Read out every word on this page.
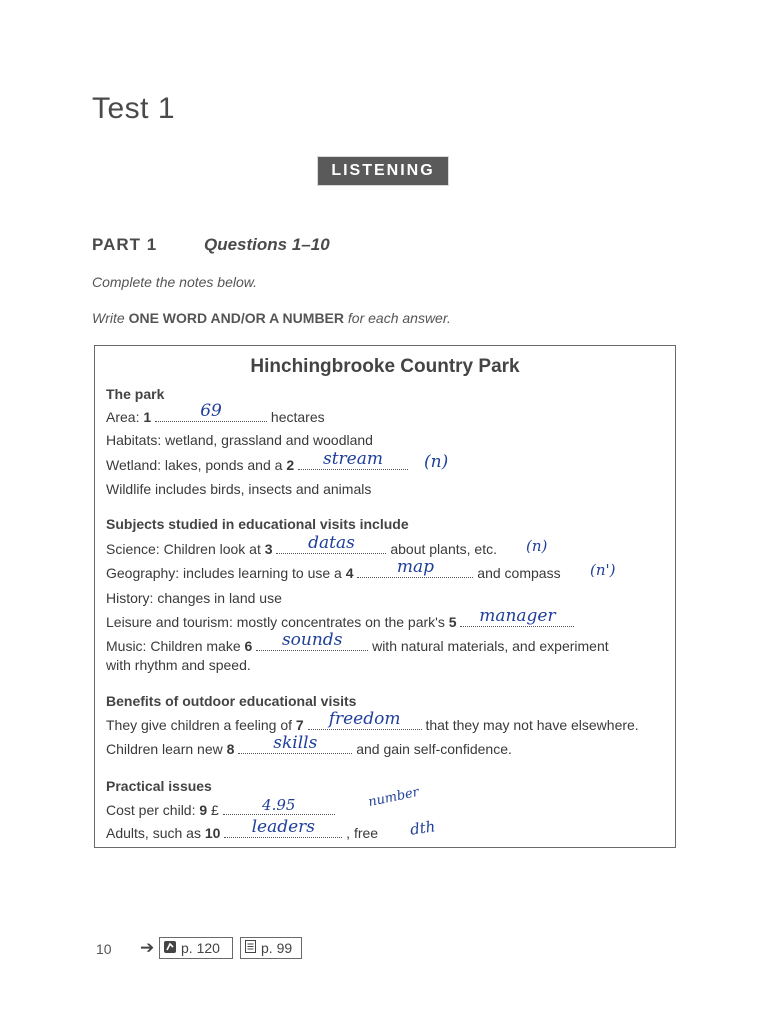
Test 1
LISTENING
PART 1	Questions 1–10
Complete the notes below.
Write ONE WORD AND/OR A NUMBER for each answer.
Hinchingbrooke Country Park
The park
Area: 1	69	hectares
Habitats: wetland, grassland and woodland
Wetland: lakes, ponds and a 2 stream (n)
Wildlife includes birds, insects and animals
Subjects studied in educational visits include
Science: Children look at 3 datas about plants, etc. (n)
Geography: includes learning to use a 4	map	and compass (n')
History: changes in land use
Leisure and tourism: mostly concentrates on the park's 5 manager
Music: Children make 6 sounds with natural materials, and experiment
with rhythm and speed.
Benefits of outdoor educational visits
They give children a feeling of 7 freedom that they may not have elsewhere.
Children learn new 8 skills and gain self-confidence.
Practical issues
Cost per child: 9 £	4.95	number
Adults, such as 10 leaders , free dth
10 ➔ p. 120	p. 99
